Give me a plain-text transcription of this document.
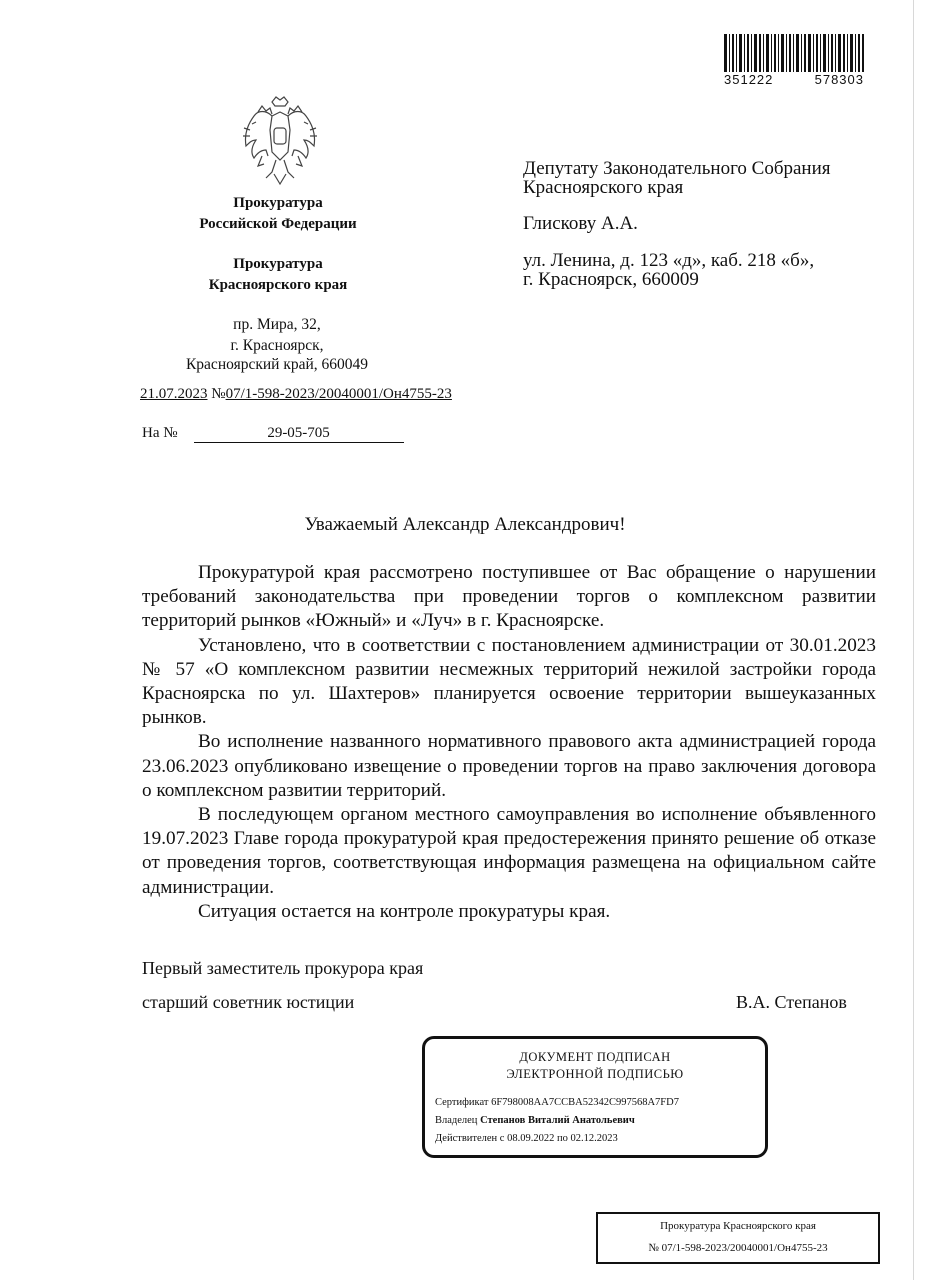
351222	578303
Прокуратура
Российской Федерации
Прокуратура
Красноярского края
пр. Мира, 32,
г. Красноярск,
Красноярский край, 660049
Депутату Законодательного Собрания
Красноярского края
Глискову А.А.
ул. Ленина, д. 123 «д», каб. 218 «б»,
г. Красноярск, 660009
21.07.2023 №07/1-598-2023/20040001/Он4755-23
На №	29-05-705
Уважаемый Александр Александрович!

Прокуратурой края рассмотрено поступившее от Вас обращение о нарушении требований законодательства при проведении торгов о комплексном развитии территорий рынков «Южный» и «Луч» в г. Красноярске.

Установлено, что в соответствии с постановлением администрации от 30.01.2023 № 57 «О комплексном развитии несмежных территорий нежилой застройки города Красноярска по ул. Шахтеров» планируется освоение территории вышеуказанных рынков.

Во исполнение названного нормативного правового акта администрацией города 23.06.2023 опубликовано извещение о проведении торгов на право заключения договора о комплексном развитии территорий.

В последующем органом местного самоуправления во исполнение объявленного 19.07.2023 Главе города прокуратурой края предостережения принято решение об отказе от проведения торгов, соответствующая информация размещена на официальном сайте администрации.

Ситуация остается на контроле прокуратуры края.

Первый заместитель прокурора края
старший советник юстиции	В.А. Степанов
ДОКУМЕНТ ПОДПИСАН
ЭЛЕКТРОННОЙ ПОДПИСЬЮ
Сертификат 6F798008AA7CCBA52342C997568A7FD7
Владелец Степанов Виталий Анатольевич
Действителен с 08.09.2022 по 02.12.2023
Прокуратура Красноярского края
№ 07/1-598-2023/20040001/Он4755-23
